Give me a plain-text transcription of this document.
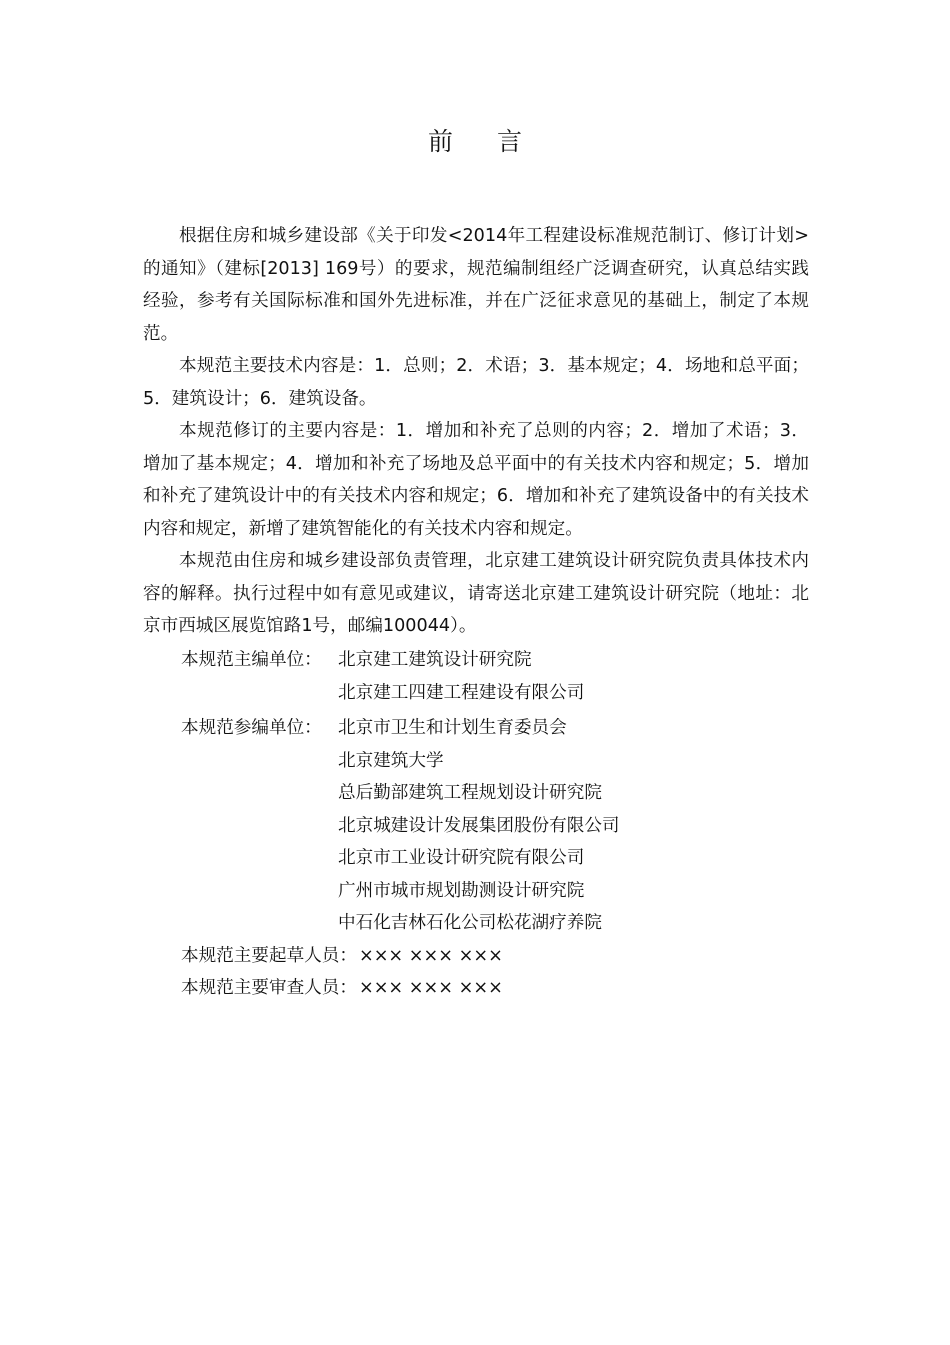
前言

根据住房和城乡建设部《关于印发<2014年工程建设标准规范制订、修订计划>的通知》（建标[2013] 169号）的要求，规范编制组经广泛调查研究，认真总结实践经验，参考有关国际标准和国外先进标准，并在广泛征求意见的基础上，制定了本规范。

本规范主要技术内容是：1．总则；2．术语；3．基本规定；4．场地和总平面；5．建筑设计；6．建筑设备。

本规范修订的主要内容是：1．增加和补充了总则的内容；2．增加了术语；3．增加了基本规定；4．增加和补充了场地及总平面中的有关技术内容和规定；5．增加和补充了建筑设计中的有关技术内容和规定；6．增加和补充了建筑设备中的有关技术内容和规定，新增了建筑智能化的有关技术内容和规定。

本规范由住房和城乡建设部负责管理，北京建工建筑设计研究院负责具体技术内容的解释。执行过程中如有意见或建议，请寄送北京建工建筑设计研究院（地址：北京市西城区展览馆路1号，邮编100044）。

本规范主编单位： 北京建工建筑设计研究院
北京建工四建工程建设有限公司
本规范参编单位： 北京市卫生和计划生育委员会
北京建筑大学
总后勤部建筑工程规划设计研究院
北京城建设计发展集团股份有限公司
北京市工业设计研究院有限公司
广州市城市规划勘测设计研究院
中石化吉林石化公司松花湖疗养院
本规范主要起草人员： ××× ××× ×××
本规范主要审查人员： ××× ××× ×××
